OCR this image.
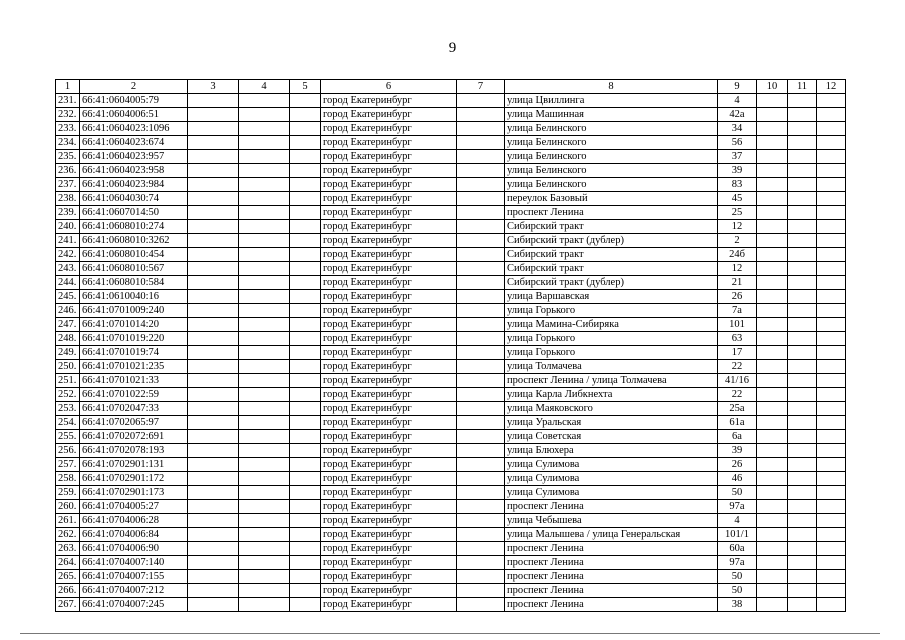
9
1	2	3	4	5	6	7	8	9	10	11	12
231.	66:41:0604005:79				город Екатеринбург		улица Цвиллинга	4			
232.	66:41:0604006:51				город Екатеринбург		улица Машинная	42а			
233.	66:41:0604023:1096				город Екатеринбург		улица Белинского	34			
234.	66:41:0604023:674				город Екатеринбург		улица Белинского	56			
235.	66:41:0604023:957				город Екатеринбург		улица Белинского	37			
236.	66:41:0604023:958				город Екатеринбург		улица Белинского	39			
237.	66:41:0604023:984				город Екатеринбург		улица Белинского	83			
238.	66:41:0604030:74				город Екатеринбург		переулок Базовый	45			
239.	66:41:0607014:50				город Екатеринбург		проспект Ленина	25			
240.	66:41:0608010:274				город Екатеринбург		Сибирский тракт	12			
241.	66:41:0608010:3262				город Екатеринбург		Сибирский тракт (дублер)	2			
242.	66:41:0608010:454				город Екатеринбург		Сибирский тракт	24б			
243.	66:41:0608010:567				город Екатеринбург		Сибирский тракт	12			
244.	66:41:0608010:584				город Екатеринбург		Сибирский тракт (дублер)	21			
245.	66:41:0610040:16				город Екатеринбург		улица Варшавская	26			
246.	66:41:0701009:240				город Екатеринбург		улица Горького	7а			
247.	66:41:0701014:20				город Екатеринбург		улица Мамина-Сибиряка	101			
248.	66:41:0701019:220				город Екатеринбург		улица Горького	63			
249.	66:41:0701019:74				город Екатеринбург		улица Горького	17			
250.	66:41:0701021:235				город Екатеринбург		улица Толмачева	22			
251.	66:41:0701021:33				город Екатеринбург		проспект Ленина / улица Толмачева	41/16			
252.	66:41:0701022:59				город Екатеринбург		улица Карла Либкнехта	22			
253.	66:41:0702047:33				город Екатеринбург		улица Маяковского	25а			
254.	66:41:0702065:97				город Екатеринбург		улица Уральская	61а			
255.	66:41:0702072:691				город Екатеринбург		улица Советская	6а			
256.	66:41:0702078:193				город Екатеринбург		улица Блюхера	39			
257.	66:41:0702901:131				город Екатеринбург		улица Сулимова	26			
258.	66:41:0702901:172				город Екатеринбург		улица Сулимова	46			
259.	66:41:0702901:173				город Екатеринбург		улица Сулимова	50			
260.	66:41:0704005:27				город Екатеринбург		проспект Ленина	97а			
261.	66:41:0704006:28				город Екатеринбург		улица Чебышева	4			
262.	66:41:0704006:84				город Екатеринбург		улица Малышева / улица Генеральская	101/1			
263.	66:41:0704006:90				город Екатеринбург		проспект Ленина	60а			
264.	66:41:0704007:140				город Екатеринбург		проспект Ленина	97а			
265.	66:41:0704007:155				город Екатеринбург		проспект Ленина	50			
266.	66:41:0704007:212				город Екатеринбург		проспект Ленина	50			
267.	66:41:0704007:245				город Екатеринбург		проспект Ленина	38			
